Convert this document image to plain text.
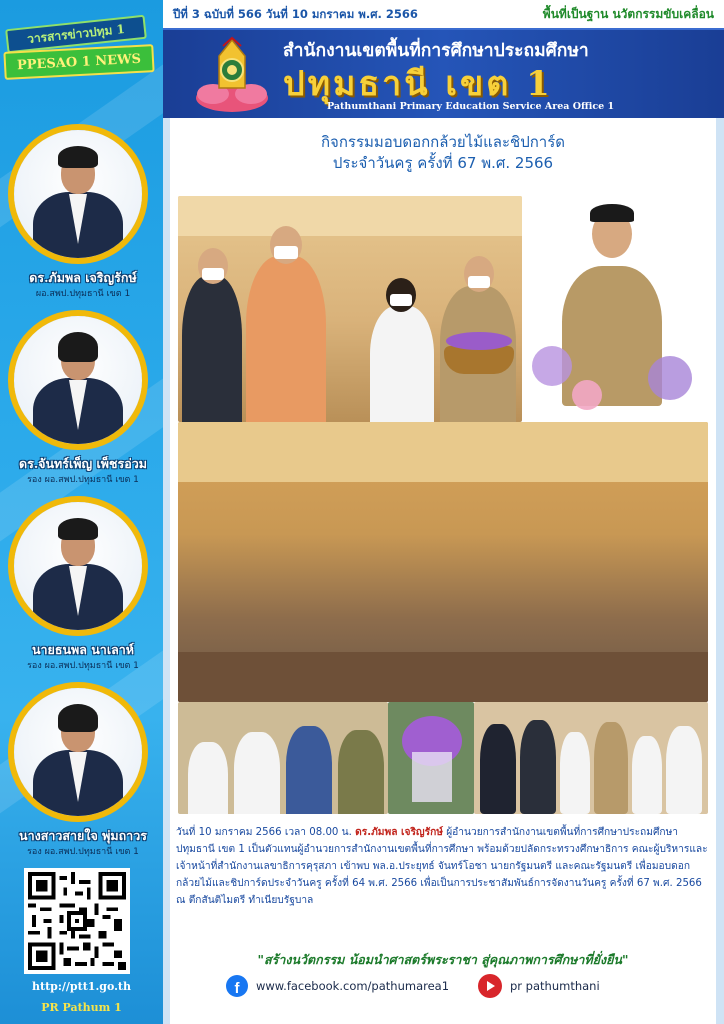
วารสารข่าวปทุม 1
PPESAO 1 NEWS
ดร.ภัมพล เจริญรักษ์
ผอ.สพป.ปทุมธานี เขต 1
ดร.จันทร์เพ็ญ เพ็ชรอ่วม
รอง ผอ.สพป.ปทุมธานี เขต 1
นายธนพล นาเลาห์
รอง ผอ.สพป.ปทุมธานี เขต 1
นางสาวสายใจ พุ่มถาวร
รอง ผอ.สพป.ปทุมธานี เขต 1
http://ptt1.go.th
PR Pathum 1
ปีที่ 3 ฉบับที่ 566 วันที่ 10 มกราคม พ.ศ. 2566	พื้นที่เป็นฐาน นวัตกรรมขับเคลื่อน
สำนักงานเขตพื้นที่การศึกษาประถมศึกษา
ปทุมธานี เขต 1
Pathumthani Primary Education Service Area Office 1
กิจกรรมมอบดอกกล้วยไม้และชิปการ์ด
ประจำวันครู ครั้งที่ 67 พ.ศ. 2566
วันที่ 10 มกราคม 2566 เวลา 08.00 น. ดร.ภัมพล เจริญรักษ์ ผู้อำนวยการสำนักงานเขตพื้นที่การศึกษาประถมศึกษาปทุมธานี เขต 1 เป็นตัวแทนผู้อำนวยการสำนักงานเขตพื้นที่การศึกษา พร้อมด้วยปลัดกระทรวงศึกษาธิการ คณะผู้บริหารและเจ้าหน้าที่สำนักงานเลขาธิการคุรุสภา เข้าพบ พล.อ.ประยุทธ์ จันทร์โอชา นายกรัฐมนตรี และคณะรัฐมนตรี เพื่อมอบดอกกล้วยไม้และชิปการ์ดประจำวันครู ครั้งที่ 64 พ.ศ. 2566 เพื่อเป็นการประชาสัมพันธ์การจัดงานวันครู ครั้งที่ 67 พ.ศ. 2566 ณ ตึกสันติไมตรี ทำเนียบรัฐบาล
"สร้างนวัตกรรม น้อมนำศาสตร์พระราชา สู่คุณภาพการศึกษาที่ยั่งยืน"
f	www.facebook.com/pathumarea1	pr pathumthani
